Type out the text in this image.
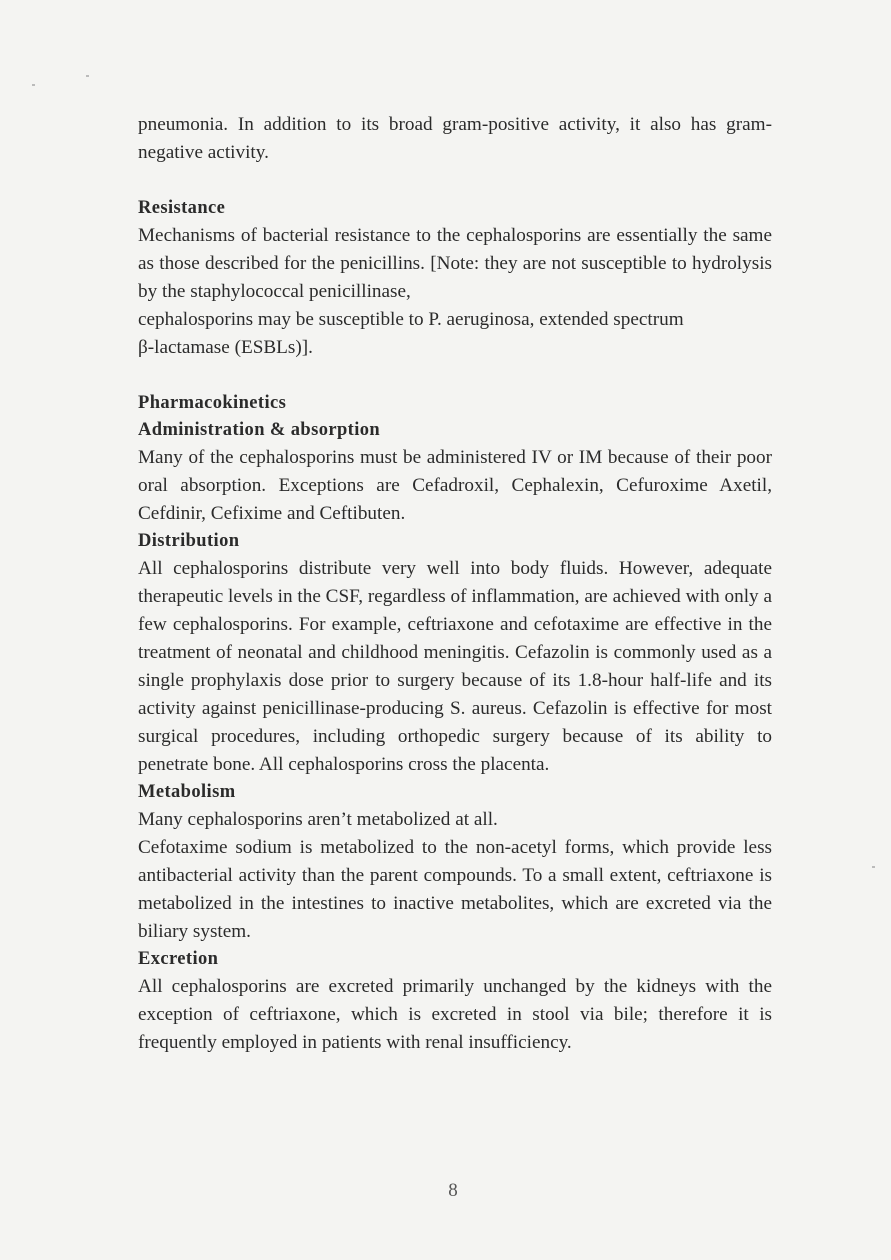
pneumonia. In addition to its broad gram-positive activity, it also has gram-negative activity.

Resistance

Mechanisms of bacterial resistance to the cephalosporins are essentially the same as those described for the penicillins. [Note: they are not susceptible to hydrolysis by the staphylococcal penicillinase,

cephalosporins may be susceptible to P. aeruginosa, extended spectrum

β-lactamase (ESBLs)].

Pharmacokinetics
Administration & absorption

Many of the cephalosporins must be administered IV or IM because of their poor oral absorption. Exceptions are Cefadroxil, Cephalexin, Cefuroxime Axetil, Cefdinir, Cefixime and Ceftibuten.

Distribution

All cephalosporins distribute very well into body fluids. However, adequate therapeutic levels in the CSF, regardless of inflammation, are achieved with only a few cephalosporins. For example, ceftriaxone and cefotaxime are effective in the treatment of neonatal and childhood meningitis. Cefazolin is commonly used as a single prophylaxis dose prior to surgery because of its 1.8-hour half-life and its activity against penicillinase-producing S. aureus. Cefazolin is effective for most surgical procedures, including orthopedic surgery because of its ability to penetrate bone. All cephalosporins cross the placenta.

Metabolism

Many cephalosporins aren’t metabolized at all.

Cefotaxime sodium is metabolized to the non-acetyl forms, which provide less antibacterial activity than the parent compounds. To a small extent, ceftriaxone is metabolized in the intestines to inactive metabolites, which are excreted via the biliary system.

Excretion

All cephalosporins are excreted primarily unchanged by the kidneys with the exception of ceftriaxone, which is excreted in stool via bile; therefore it is frequently employed in patients with renal insufficiency.

8
